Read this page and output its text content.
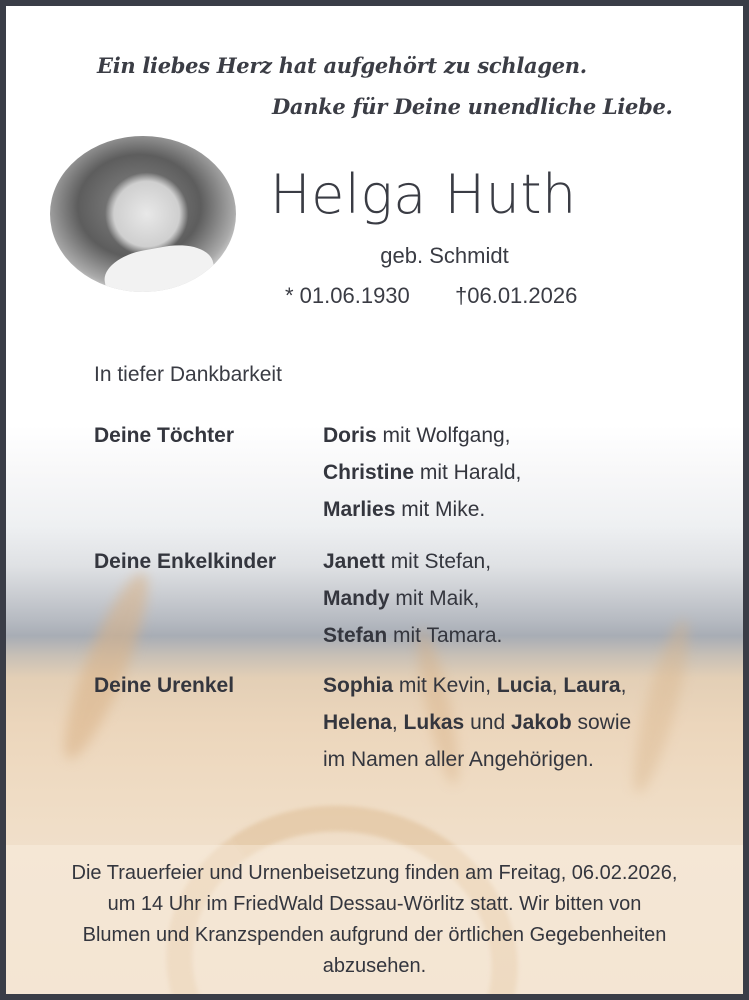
Ein liebes Herz hat aufgehört zu schlagen.
Danke für Deine unendliche Liebe.
Helga Huth
geb. Schmidt
* 01.06.1930 †06.01.2026
In tiefer Dankbarkeit
Deine Töchter	Doris mit Wolfgang,
Christine mit Harald,
Marlies mit Mike.
Deine Enkelkinder Janett mit Stefan,
Mandy mit Maik,
Stefan mit Tamara.
Deine Urenkel	Sophia mit Kevin, Lucia, Laura,
Helena, Lukas und Jakob sowie
im Namen aller Angehörigen.
Die Trauerfeier und Urnenbeisetzung finden am Freitag, 06.02.2026,
um 14 Uhr im FriedWald Dessau-Wörlitz statt. Wir bitten von
Blumen und Kranzspenden aufgrund der örtlichen Gegebenheiten
abzusehen.
